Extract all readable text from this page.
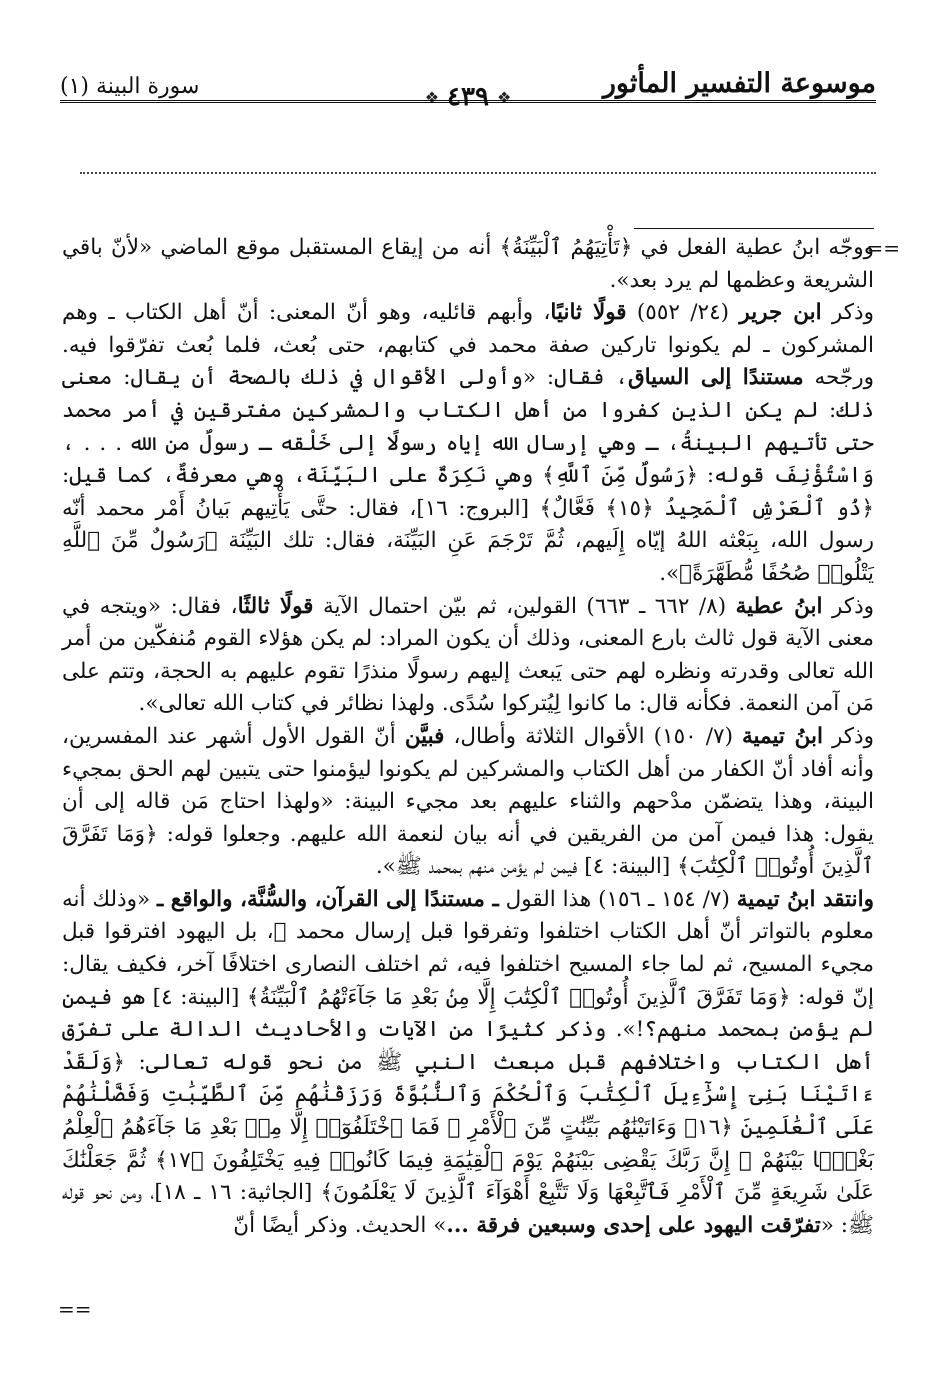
سورة البينة (١)	❖ ٤٣٩ ❖	موسوعة التفسير المأثور
==
==

ووجّه ابنُ عطية الفعل في ﴿تَأْتِيَهُمُ ٱلْبَيِّنَةُ﴾ أنه من إيقاع المستقبل موقع الماضي «لأنّ باقي الشريعة وعظمها لم يرد بعد».

وذكر ابن جرير (٢٤/ ٥٥٢) قولًا ثانيًا، وأبهم قائليه، وهو أنّ المعنى: أنّ أهل الكتاب ـ وهم المشركون ـ لم يكونوا تاركين صفة محمد في كتابهم، حتى بُعث، فلما بُعث تفرّقوا فيه. ورجّحه مستندًا إلى السياق، فقال: «وأولى الأقوال في ذلك بالصحة أن يقال: معنى ذلك: لم يكن الذين كفروا من أهل الكتاب والمشركين مفترقين في أمر محمد حتى تأتيهم البينةُ، ـ وهي إرسال الله إياه رسولًا إلى خَلْقه ـ رسولٌ من الله . . . ، وَاسْتُؤْنِفَ قوله: ﴿رَسُولٌ مِّنَ ٱللَّهِ﴾ وهي نَكِرَةٌ على البَيِّنَة، وهي معرفةٌ، كما قيل: ﴿ذُو ٱلْعَرْشِ ٱلْمَجِيدُ ﴿١٥﴾ فَعَّالٌ﴾ [البروج: ١٦]، فقال: حتَّى يَأْتِيهم بَيانُ أَمْر محمد أنّه رسول الله، بِبَعْثه اللهُ إيّاه إِلَيهم، ثُمَّ تَرْجَمَ عَنِ البَيِّنَة، فقال: تلك البَيِّنَة ﴿رَسُولٌ مِّنَ ٱللَّهِ يَتْلُوا۟ صُحُفًا مُّطَهَّرَةً﴾».

وذكر ابنُ عطية (٨/ ٦٦٢ ـ ٦٦٣) القولين، ثم بيّن احتمال الآية قولًا ثالثًا، فقال: «ويتجه في معنى الآية قول ثالث بارع المعنى، وذلك أن يكون المراد: لم يكن هؤلاء القوم مُنفكّين من أمر الله تعالى وقدرته ونظره لهم حتى يَبعث إليهم رسولًا منذرًا تقوم عليهم به الحجة، وتتم على مَن آمن النعمة. فكأنه قال: ما كانوا لِيُتركوا سُدًى. ولهذا نظائر في كتاب الله تعالى».

وذكر ابنُ تيمية (٧/ ١٥٠) الأقوال الثلاثة وأطال، فبيَّن أنّ القول الأول أشهر عند المفسرين، وأنه أفاد أنّ الكفار من أهل الكتاب والمشركين لم يكونوا ليؤمنوا حتى يتبين لهم الحق بمجيء البينة، وهذا يتضمّن مدْحهم والثناء عليهم بعد مجيء البينة: «ولهذا احتاج مَن قاله إلى أن يقول: هذا فيمن آمن من الفريقين في أنه بيان لنعمة الله عليهم. وجعلوا قوله: ﴿وَمَا تَفَرَّقَ ٱلَّذِينَ أُوتُوا۟ ٱلْكِتَٰبَ﴾ [البينة: ٤] فيمن لم يؤمن منهم بمحمد ﷺ».

وانتقد ابنُ تيمية (٧/ ١٥٤ ـ ١٥٦) هذا القول ـ مستندًا إلى القرآن، والسُّنَّة، والواقع ـ «وذلك أنه معلوم بالتواتر أنّ أهل الكتاب اختلفوا وتفرقوا قبل إرسال محمد ﷺ، بل اليهود افترقوا قبل مجيء المسيح، ثم لما جاء المسيح اختلفوا فيه، ثم اختلف النصارى اختلافًا آخر، فكيف يقال: إنّ قوله: ﴿وَمَا تَفَرَّقَ ٱلَّذِينَ أُوتُوا۟ ٱلْكِتَٰبَ إِلَّا مِنۢ بَعْدِ مَا جَآءَتْهُمُ ٱلْبَيِّنَةُ﴾ [البينة: ٤] هو فيمن لم يؤمن بمحمد منهم؟!». وذكر كثيرًا من الآيات والأحاديث الدالة على تفرّق أهل الكتاب واختلافهم قبل مبعث النبي ﷺ من نحو قوله تعالى: ﴿وَلَقَدْ ءَاتَيْنَا بَنِىٓ إِسْرَٰٓءِيلَ ٱلْكِتَٰبَ وَٱلْحُكْمَ وَٱلنُّبُوَّةَ وَرَزَقْنَٰهُم مِّنَ ٱلطَّيِّبَٰتِ وَفَضَّلْنَٰهُمْ عَلَى ٱلْعَٰلَمِينَ ﴿١٦﴾ وَءَاتَيْنَٰهُم بَيِّنَٰتٍ مِّنَ ٱلْأَمْرِ ۖ فَمَا ٱخْتَلَفُوٓا۟ إِلَّا مِنۢ بَعْدِ مَا جَآءَهُمُ ٱلْعِلْمُ بَغْيًۢا بَيْنَهُمْ ۚ إِنَّ رَبَّكَ يَقْضِى بَيْنَهُمْ يَوْمَ ٱلْقِيَٰمَةِ فِيمَا كَانُوا۟ فِيهِ يَخْتَلِفُونَ ﴿١٧﴾ ثُمَّ جَعَلْنَٰكَ عَلَىٰ شَرِيعَةٍ مِّنَ ٱلْأَمْرِ فَٱتَّبِعْهَا وَلَا تَتَّبِعْ أَهْوَآءَ ٱلَّذِينَ لَا يَعْلَمُونَ﴾ [الجاثية: ١٦ ـ ١٨]، ومن نحو قوله ﷺ: «تفرّقت اليهود على إحدى وسبعين فرقة ...» الحديث. وذكر أيضًا أنّ
